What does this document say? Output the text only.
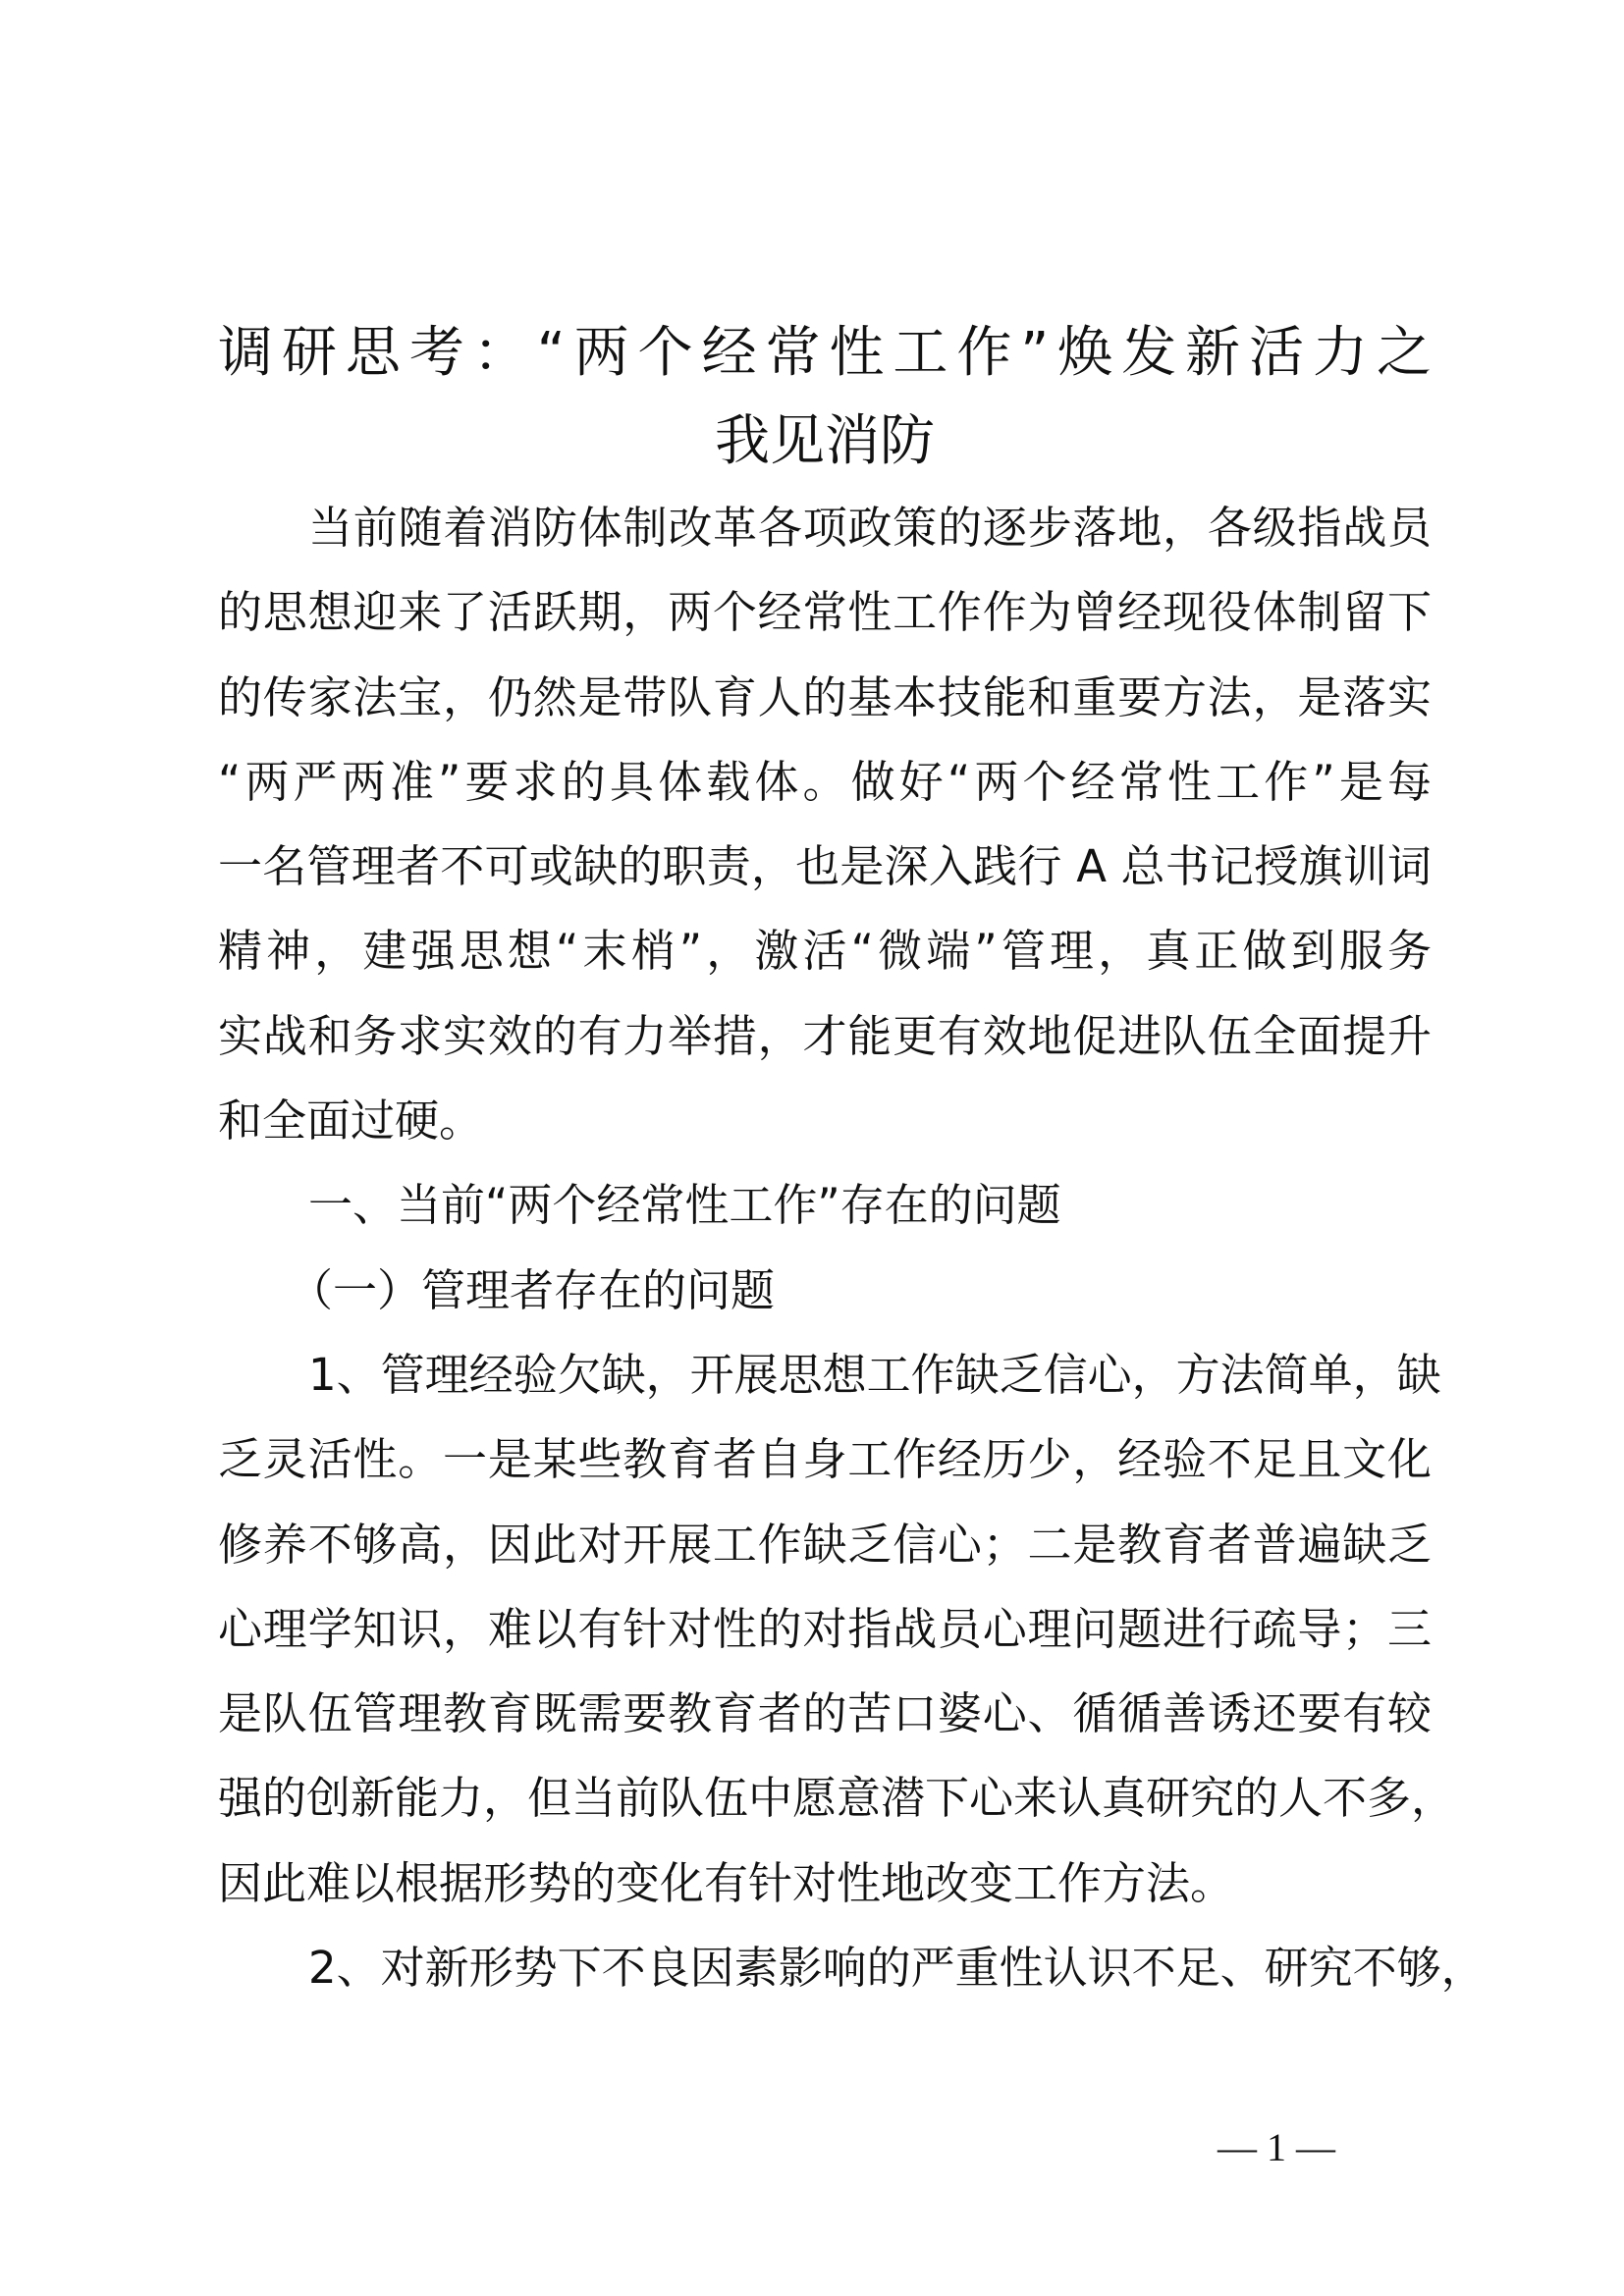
调研思考：“两个经常性工作”焕发新活力之
我见消防
当前随着消防体制改革各项政策的逐步落地，各级指战员
的思想迎来了活跃期，两个经常性工作作为曾经现役体制留下
的传家法宝，仍然是带队育人的基本技能和重要方法，是落实
“两严两准”要求的具体载体。做好“两个经常性工作”是每
一名管理者不可或缺的职责，也是深入践行 A 总书记授旗训词
精神，建强思想“末梢”，激活“微端”管理，真正做到服务
实战和务求实效的有力举措，才能更有效地促进队伍全面提升
和全面过硬。
一、当前“两个经常性工作”存在的问题
（一）管理者存在的问题
1、管理经验欠缺，开展思想工作缺乏信心，方法简单，缺
乏灵活性。一是某些教育者自身工作经历少，经验不足且文化
修养不够高，因此对开展工作缺乏信心；二是教育者普遍缺乏
心理学知识，难以有针对性的对指战员心理问题进行疏导；三
是队伍管理教育既需要教育者的苦口婆心、循循善诱还要有较
强的创新能力，但当前队伍中愿意潜下心来认真研究的人不多，
因此难以根据形势的变化有针对性地改变工作方法。
2、对新形势下不良因素影响的严重性认识不足、研究不够，
— 1 —
